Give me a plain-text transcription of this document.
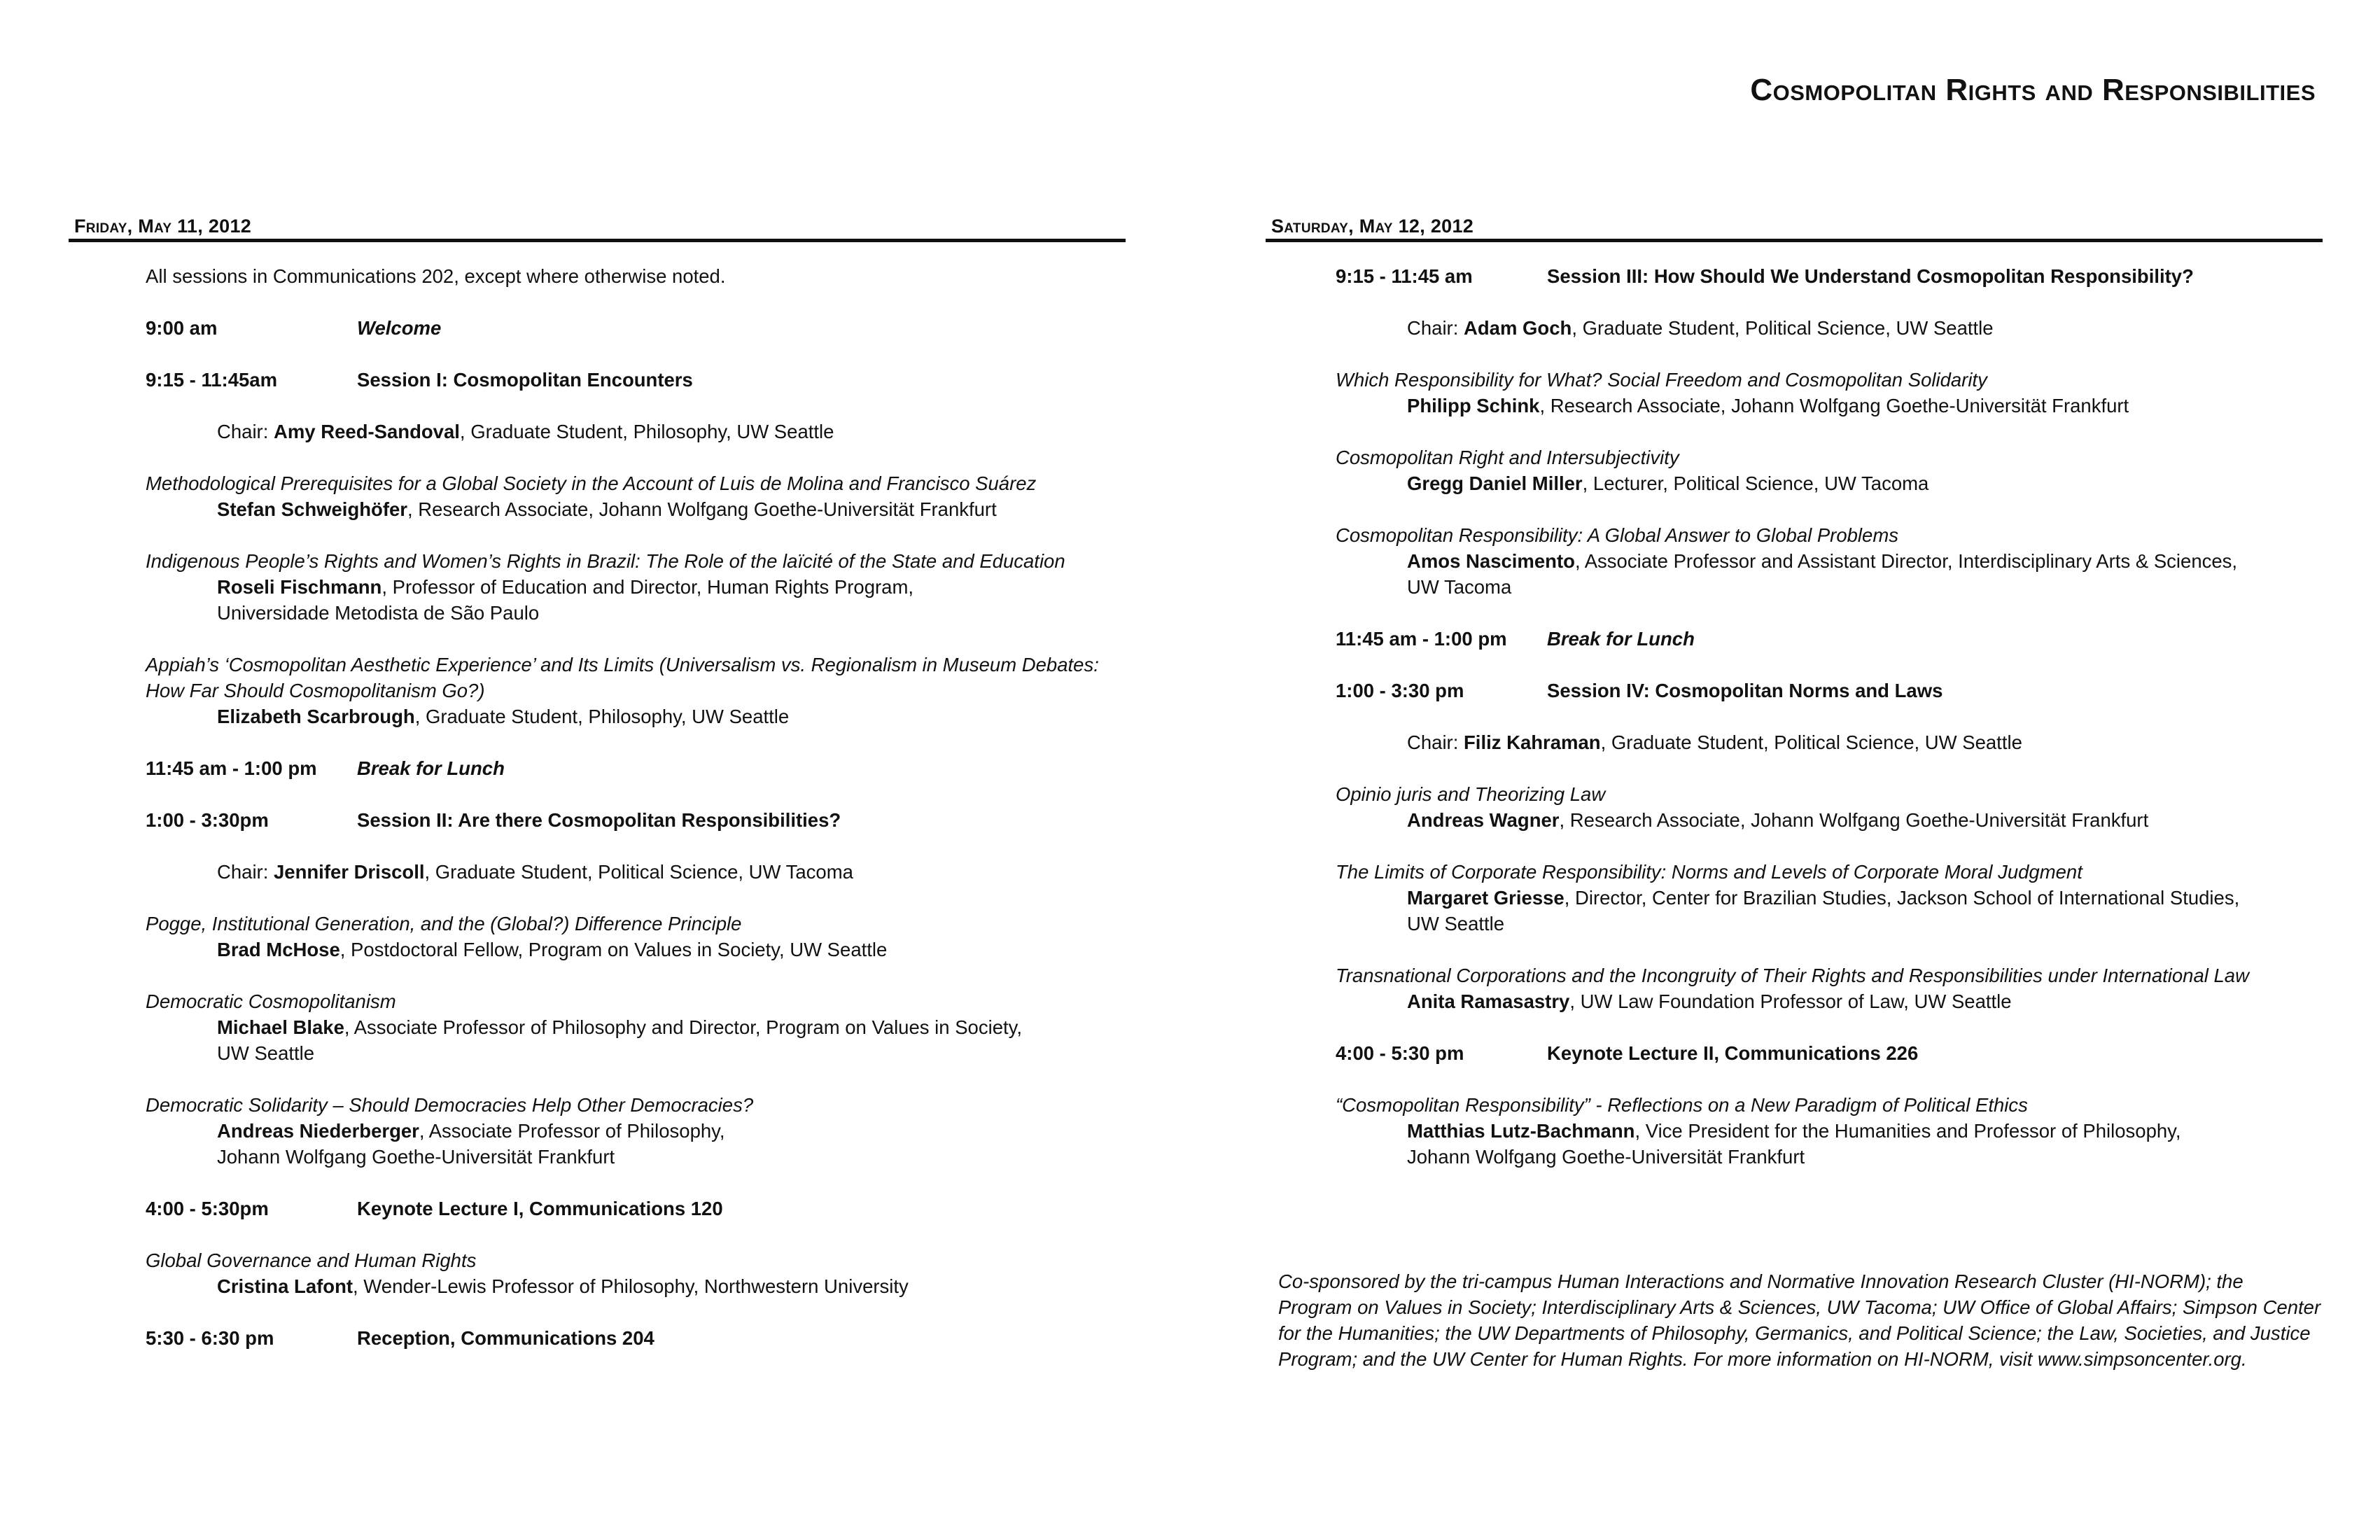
Cosmopolitan Rights and Responsibilities
Friday, May 11, 2012
All sessions in Communications 202, except where otherwise noted.
9:00 am	Welcome
9:15 - 11:45am	Session I: Cosmopolitan Encounters
Chair: Amy Reed-Sandoval, Graduate Student, Philosophy, UW Seattle
Methodological Prerequisites for a Global Society in the Account of Luis de Molina and Francisco Suárez
Stefan Schweighöfer, Research Associate, Johann Wolfgang Goethe-Universität Frankfurt
Indigenous People’s Rights and Women’s Rights in Brazil: The Role of the laïcité of the State and Education
Roseli Fischmann, Professor of Education and Director, Human Rights Program,
Universidade Metodista de São Paulo
Appiah’s ‘Cosmopolitan Aesthetic Experience’ and Its Limits (Universalism vs. Regionalism in Museum Debates: How Far Should Cosmopolitanism Go?)
Elizabeth Scarbrough, Graduate Student, Philosophy, UW Seattle
11:45 am - 1:00 pm	Break for Lunch
1:00 - 3:30pm	Session II: Are there Cosmopolitan Responsibilities?
Chair: Jennifer Driscoll, Graduate Student, Political Science, UW Tacoma
Pogge, Institutional Generation, and the (Global?) Difference Principle
Brad McHose, Postdoctoral Fellow, Program on Values in Society, UW Seattle
Democratic Cosmopolitanism
Michael Blake, Associate Professor of Philosophy and Director, Program on Values in Society,
UW Seattle
Democratic Solidarity – Should Democracies Help Other Democracies?
Andreas Niederberger, Associate Professor of Philosophy,
Johann Wolfgang Goethe-Universität Frankfurt
4:00 - 5:30pm	Keynote Lecture I, Communications 120
Global Governance and Human Rights
Cristina Lafont, Wender-Lewis Professor of Philosophy, Northwestern University
5:30 - 6:30 pm	Reception, Communications 204
Saturday, May 12, 2012
9:15 - 11:45 am	Session III: How Should We Understand Cosmopolitan Responsibility?
Chair: Adam Goch, Graduate Student, Political Science, UW Seattle
Which Responsibility for What? Social Freedom and Cosmopolitan Solidarity
Philipp Schink, Research Associate, Johann Wolfgang Goethe-Universität Frankfurt
Cosmopolitan Right and Intersubjectivity
Gregg Daniel Miller, Lecturer, Political Science, UW Tacoma
Cosmopolitan Responsibility: A Global Answer to Global Problems
Amos Nascimento, Associate Professor and Assistant Director, Interdisciplinary Arts & Sciences,
UW Tacoma
11:45 am - 1:00 pm	Break for Lunch
1:00 - 3:30 pm	Session IV: Cosmopolitan Norms and Laws
Chair: Filiz Kahraman, Graduate Student, Political Science, UW Seattle
Opinio juris and Theorizing Law
Andreas Wagner, Research Associate, Johann Wolfgang Goethe-Universität Frankfurt
The Limits of Corporate Responsibility: Norms and Levels of Corporate Moral Judgment
Margaret Griesse, Director, Center for Brazilian Studies, Jackson School of International Studies,
UW Seattle
Transnational Corporations and the Incongruity of Their Rights and Responsibilities under International Law
Anita Ramasastry, UW Law Foundation Professor of Law, UW Seattle
4:00 - 5:30 pm	Keynote Lecture II, Communications 226
“Cosmopolitan Responsibility” - Reflections on a New Paradigm of Political Ethics
Matthias Lutz-Bachmann, Vice President for the Humanities and Professor of Philosophy,
Johann Wolfgang Goethe-Universität Frankfurt
Co-sponsored by the tri-campus Human Interactions and Normative Innovation Research Cluster (HI-NORM); the Program on Values in Society; Interdisciplinary Arts & Sciences, UW Tacoma; UW Office of Global Affairs; Simpson Center for the Humanities; the UW Departments of Philosophy, Germanics, and Political Science; the Law, Societies, and Justice Program; and the UW Center for Human Rights. For more information on HI-NORM, visit www.simpsoncenter.org.
